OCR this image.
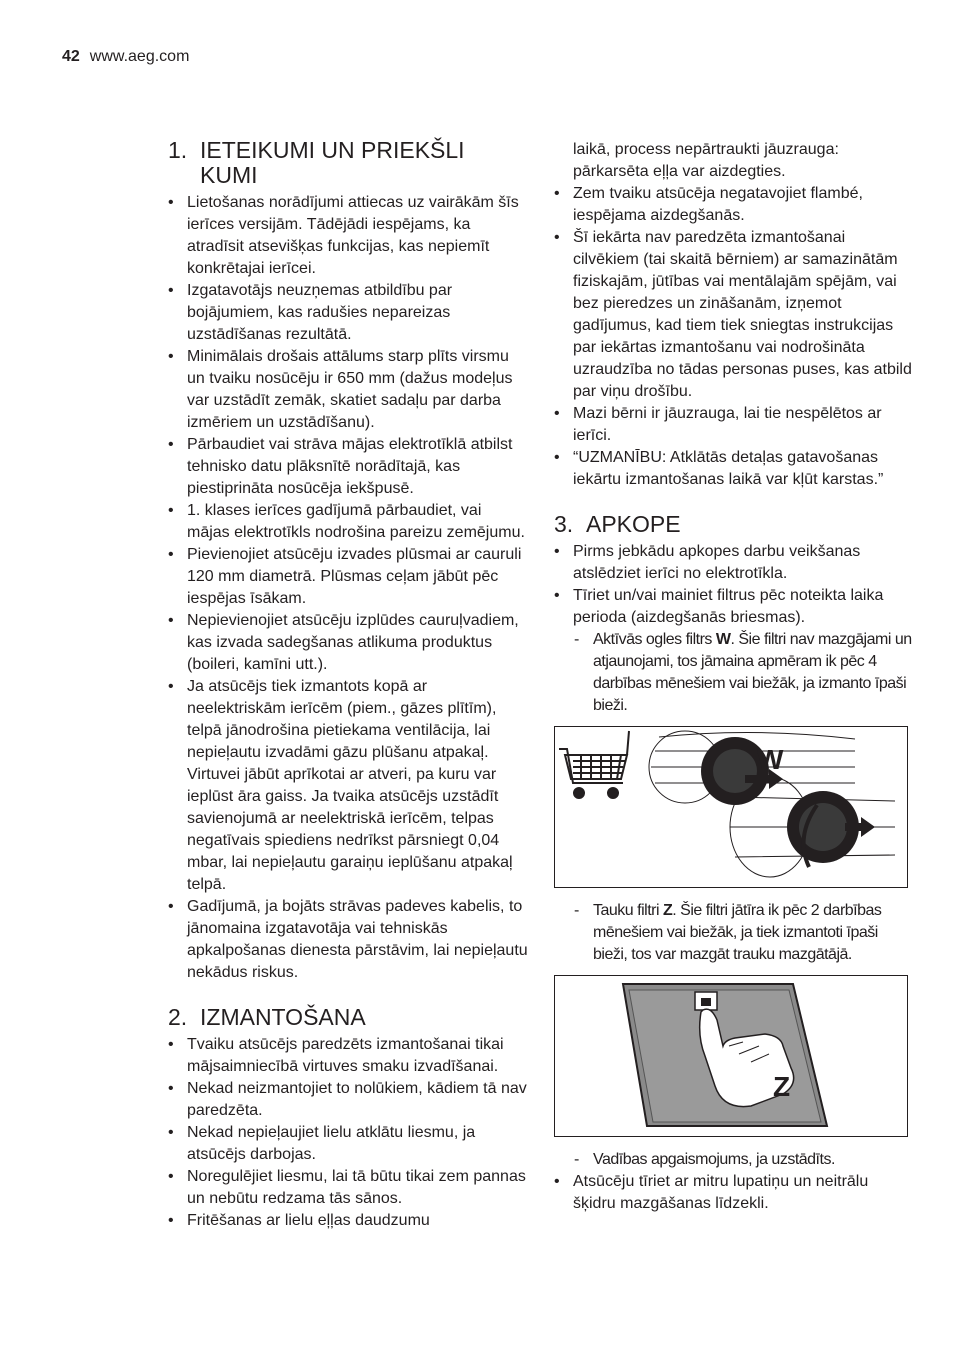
42 www.aeg.com
1. IETEIKUMI UN PRIEKŠLI KUMI
• Lietošanas norādījumi attiecas uz vairākām šīs ierīces versijām. Tādējādi iespējams, ka atradīsit atsevišķas funkcijas, kas nepiemīt konkrētajai ierīcei.
• Izgatavotājs neuzņemas atbildību par bojājumiem, kas radušies nepareizas uzstādīšanas rezultātā.
• Minimālais drošais attālums starp plīts virsmu un tvaiku nosūcēju ir 650 mm (dažus modeļus var uzstādīt zemāk, skatiet sadaļu par darba izmēriem un uzstādīšanu).
• Pārbaudiet vai strāva mājas elektrotīklā atbilst tehnisko datu plāksnītē norādītajā, kas piestiprināta nosūcēja iekšpusē.
• 1. klases ierīces gadījumā pārbaudiet, vai mājas elektrotīkls nodrošina pareizu zemējumu.
• Pievienojiet atsūcēju izvades plūsmai ar cauruli 120 mm diametrā. Plūsmas ceļam jābūt pēc iespējas īsākam.
• Nepievienojiet atsūcēju izplūdes cauruļvadiem, kas izvada sadegšanas atlikuma produktus (boileri, kamīni utt.).
• Ja atsūcējs tiek izmantots kopā ar neelektriskām ierīcēm (piem., gāzes plītīm), telpā jānodrošina pietiekama ventilācija, lai nepieļautu izvadāmi gāzu plūšanu atpakaļ. Virtuvei jābūt aprīkotai ar atveri, pa kuru var ieplūst āra gaiss. Ja tvaika atsūcējs uzstādīt savienojumā ar neelektriskā ierīcēm, telpas negatīvais spiediens nedrīkst pārsniegt 0,04 mbar, lai nepieļautu garaiņu ieplūšanu atpakaļ telpā.
• Gadījumā, ja bojāts strāvas padeves kabelis, to jānomaina izgatavotāja vai tehniskās apkalpošanas dienesta pārstāvim, lai nepieļautu nekādus riskus.
2. IZMANTOŠANA
• Tvaiku atsūcējs paredzēts izmantošanai tikai mājsaimniecībā virtuves smaku izvadīšanai.
• Nekad neizmantojiet to nolūkiem, kādiem tā nav paredzēta.
• Nekad nepieļaujiet lielu atklātu liesmu, ja atsūcējs darbojas.
• Noregulējiet liesmu, lai tā būtu tikai zem pannas un nebūtu redzama tās sānos.
• Fritēšanas ar lielu eļļas daudzumu
laikā, process nepārtraukti jāuzrauga: pārkarsēta eļļa var aizdegties.
• Zem tvaiku atsūcēja negatavojiet flambé, iespējama aizdegšanās.
• Šī iekārta nav paredzēta izmantošanai cilvēkiem (tai skaitā bērniem) ar samazinātām fiziskajām, jūtības vai mentālajām spējām, vai bez pieredzes un zināšanām, izņemot gadījumus, kad tiem tiek sniegtas instrukcijas par iekārtas izmantošanu vai nodrošināta uzraudzība no tādas personas puses, kas atbild par viņu drošību.
• Mazi bērni ir jāuzrauga, lai tie nespēlētos ar ierīci.
• “UZMANĪBU: Atklātās detaļas gatavošanas iekārtu izmantošanas laikā var kļūt karstas.”
3. APKOPE
• Pirms jebkādu apkopes darbu veikšanas atslēdziet ierīci no elektrotīkla.
• Tīriet un/vai mainiet filtrus pēc noteikta laika perioda (aizdegšanās briesmas).
- Aktīvās ogles filtrs W. Šie filtri nav mazgājami un atjaunojami, tos jāmaina apmēram ik pēc 4 darbības mēnešiem vai biežāk, ja izmanto īpaši bieži.
W
- Tauku filtri Z. Šie filtri jātīra ik pēc 2 darbības mēnešiem vai biežāk, ja tiek izmantoti īpaši bieži, tos var mazgāt trauku mazgātājā.
Z
- Vadības apgaismojums, ja uzstādīts.
• Atsūcēju tīriet ar mitru lupatiņu un neitrālu šķidru mazgāšanas līdzekli.
